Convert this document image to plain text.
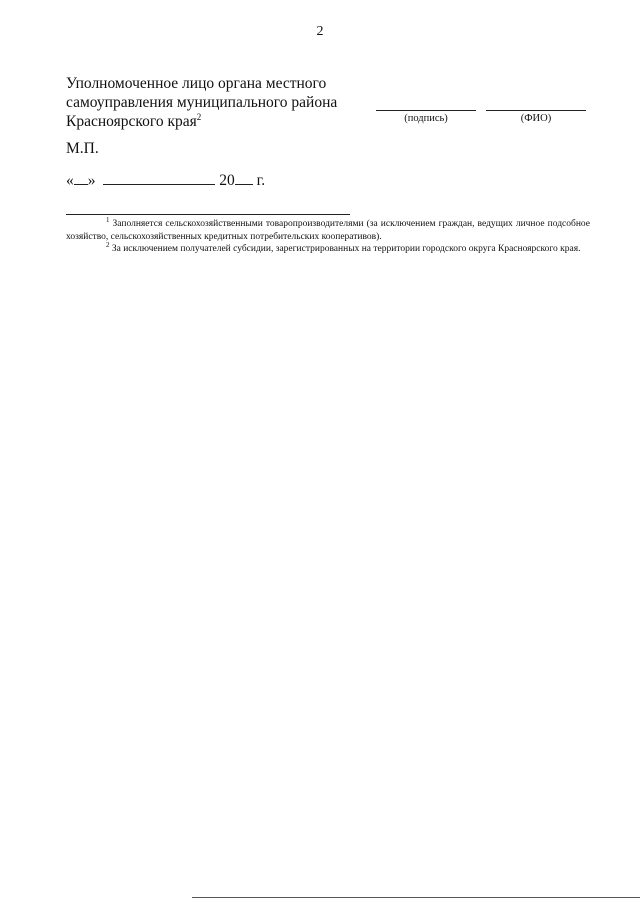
2
Уполномоченное лицо органа местного
самоуправления муниципального района
Красноярского края$^2$	(подпись)	(ФИО)
М.П.
« »	20 г.

$^1$ Заполняется сельскохозяйственными товаропроизводителями (за исключением граждан, ведущих личное подсобное хозяйство, сельскохозяйственных кредитных потребительских кооперативов).

$^2$ За исключением получателей субсидии, зарегистрированных на территории городского округа Красноярского края.
